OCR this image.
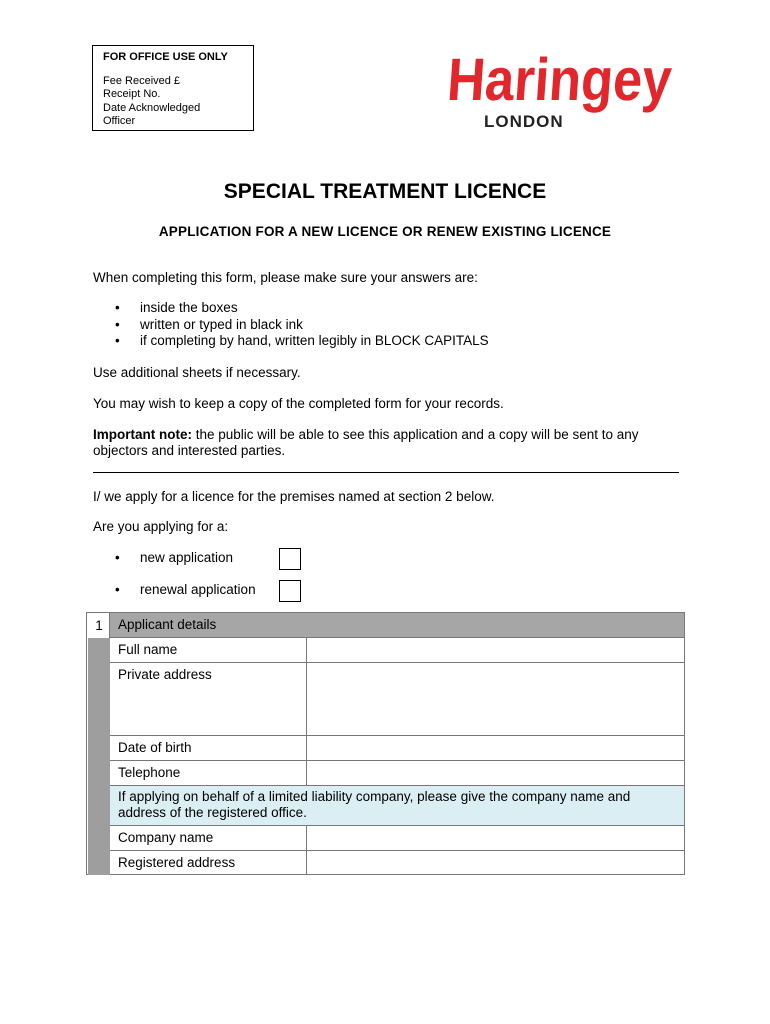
FOR OFFICE USE ONLY
Fee Received £
Receipt No.
Date Acknowledged
Officer
Haringey
LONDON
SPECIAL TREATMENT LICENCE
APPLICATION FOR A NEW LICENCE OR RENEW EXISTING LICENCE
When completing this form, please make sure your answers are:
• inside the boxes
• written or typed in black ink
• if completing by hand, written legibly in BLOCK CAPITALS
Use additional sheets if necessary.
You may wish to keep a copy of the completed form for your records.
Important note: the public will be able to see this application and a copy will be sent to any objectors and interested parties.
I/ we apply for a licence for the premises named at section 2 below.
Are you applying for a:
• new application
• renewal application
1	Applicant details
Full name
Private address
Date of birth
Telephone
If applying on behalf of a limited liability company, please give the company name and address of the registered office.
Company name
Registered address
